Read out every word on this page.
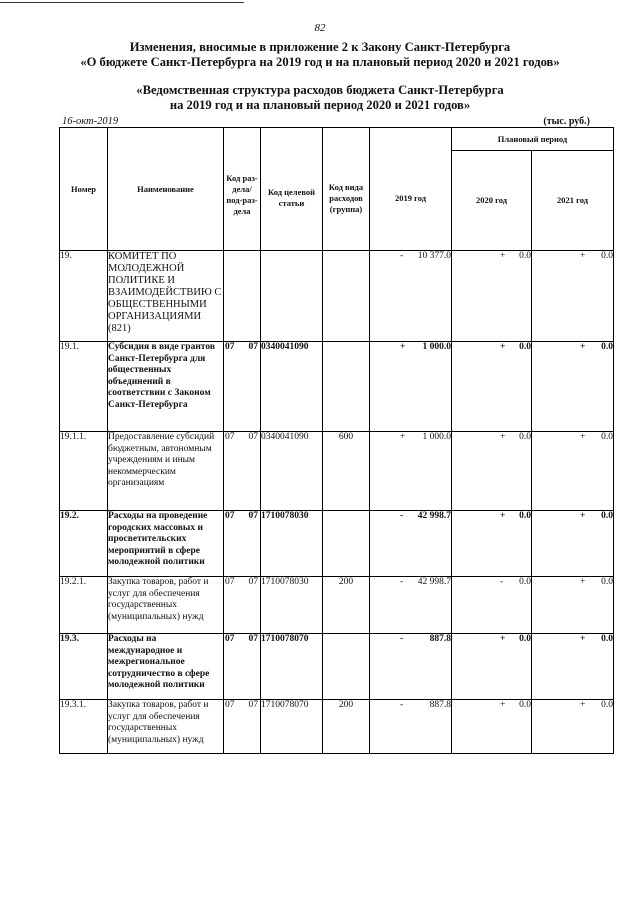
82
Изменения, вносимые в приложение 2 к Закону Санкт-Петербурга
«О бюджете Санкт-Петербурга на 2019 год и на плановый период 2020 и 2021 годов»
«Ведомственная структура расходов бюджета Санкт-Петербурга
на 2019 год и на плановый период 2020 и 2021 годов»
16-окт-2019	(тыс. руб.)
Номер	Наименование	Код раз-дела/ под-раз-дела	Код целевой статьи	Код вида расходов (группа)	2019 год	Плановый период	
						2020 год	2021 год
19.	КОМИТЕТ ПО МОЛОДЕЖНОЙ ПОЛИТИКЕ И ВЗАИМОДЕЙСТВИЮ С ОБЩЕСТВЕННЫМИ ОРГАНИЗАЦИЯМИ (821)				- 10 377.0	+ 0.0	+ 0.0

19.1.	Субсидия в виде грантов Санкт-Петербурга для общественных объединений в соответствии с Законом Санкт-Петербурга	07 07	0340041090		+ 1 000.0	+ 0.0	+ 0.0

19.1.1.	Предоставление субсидий бюджетным, автономным учреждениям и иным некоммерческим организациям	07 07	0340041090	600	+ 1 000.0	+ 0.0	+ 0.0

19.2.	Расходы на проведение городских массовых и просветительских мероприятий в сфере молодежной политики	07 07	1710078030		- 42 998.7	+ 0.0	+ 0.0

19.2.1.	Закупка товаров, работ и услуг для обеспечения государственных (муниципальных) нужд	07 07	1710078030	200	- 42 998.7	- 0.0	+ 0.0

19.3.	Расходы на международное и межрегиональное сотрудничество в сфере молодежной политики	07 07	1710078070		- 887.8	+ 0.0	+ 0.0

19.3.1.	Закупка товаров, работ и услуг для обеспечения государственных (муниципальных) нужд	07 07	1710078070	200	- 887.8	+ 0.0	+ 0.0
